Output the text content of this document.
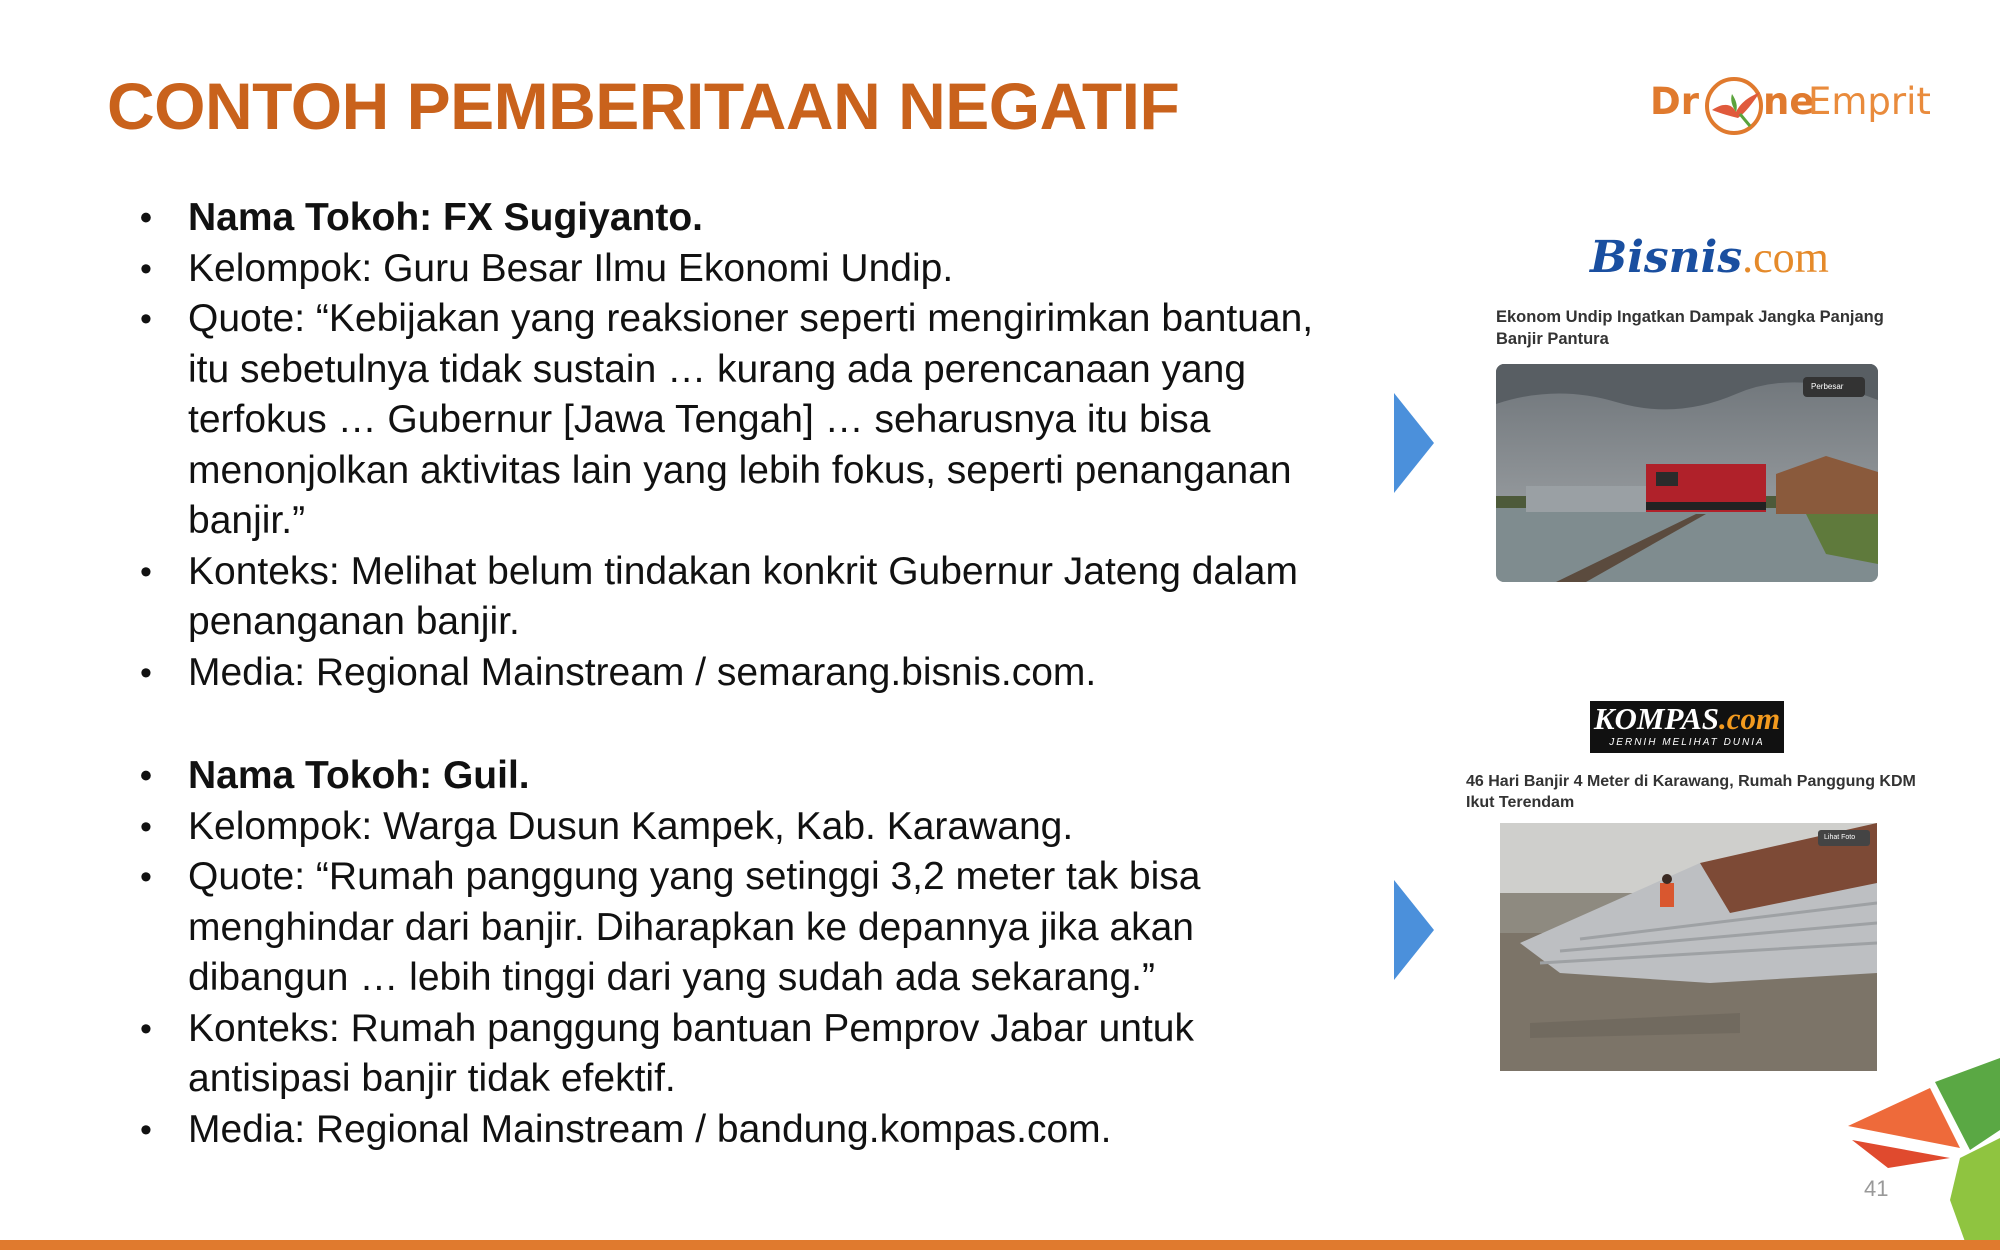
CONTOH PEMBERITAAN NEGATIF	Dr ne
Emprit
• Nama Tokoh: FX Sugiyanto.
• Kelompok: Guru Besar Ilmu Ekonomi Undip.
• Quote: “Kebijakan yang reaksioner seperti mengirimkan bantuan, itu sebetulnya tidak sustain … kurang ada perencanaan yang terfokus … Gubernur [Jawa Tengah] … seharusnya itu bisa menonjolkan aktivitas lain yang lebih fokus, seperti penanganan banjir.”
• Konteks: Melihat belum tindakan konkrit Gubernur Jateng dalam penanganan banjir.
• Media: Regional Mainstream / semarang.bisnis.com.
• Nama Tokoh: Guil.
• Kelompok: Warga Dusun Kampek, Kab. Karawang.
• Quote: “Rumah panggung yang setinggi 3,2 meter tak bisa menghindar dari banjir. Diharapkan ke depannya jika akan dibangun … lebih tinggi dari yang sudah ada sekarang.”
• Konteks: Rumah panggung bantuan Pemprov Jabar untuk antisipasi banjir tidak efektif.
• Media: Regional Mainstream / bandung.kompas.com.
Bisnis.com
Ekonom Undip Ingatkan Dampak Jangka Panjang Banjir Pantura
Perbesar
KOMPAS.com
JERNIH MELIHAT DUNIA
46 Hari Banjir 4 Meter di Karawang, Rumah Panggung KDM Ikut Terendam
Lihat Foto
41
